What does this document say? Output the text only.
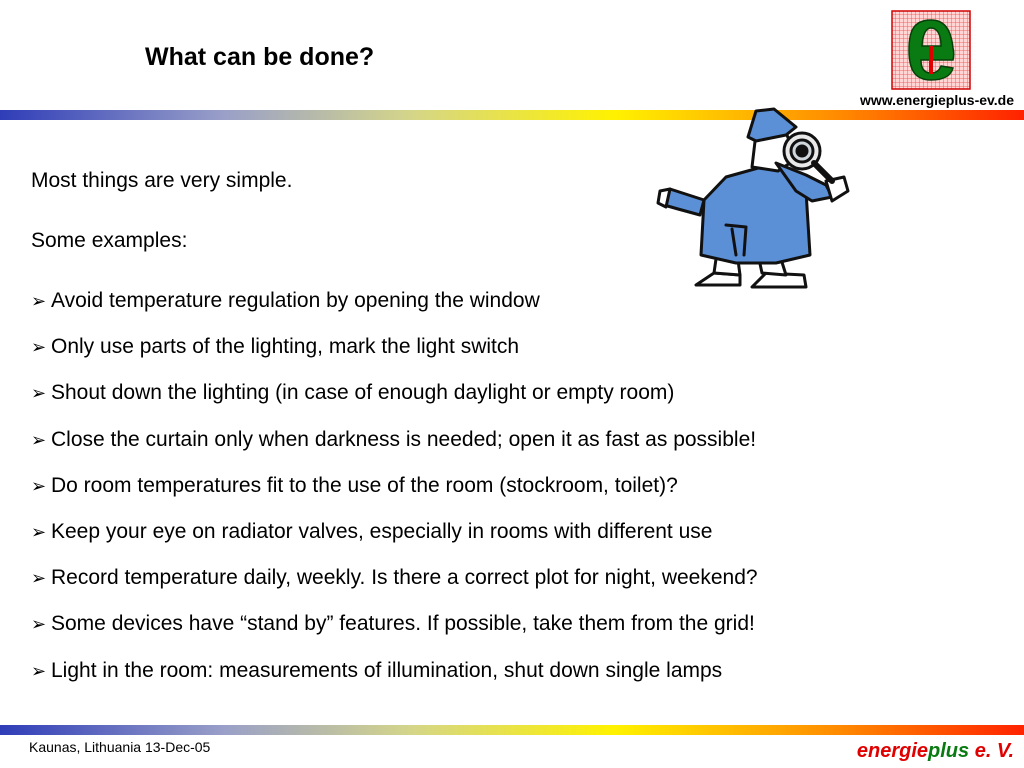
What can be done?
www.energieplus-ev.de

Most things are very simple.

Some examples:

➢ Avoid temperature regulation by opening the window
➢ Only use parts of the lighting, mark the light switch
➢ Shout down the lighting (in case of enough daylight or empty room)
➢ Close the curtain only when darkness is needed; open it as fast as possible!
➢ Do room temperatures fit to the use of the room (stockroom, toilet)?
➢ Keep your eye on radiator valves, especially in rooms with different use
➢ Record temperature daily, weekly. Is there a correct plot for night, weekend?
➢ Some devices have “stand by” features. If possible, take them from the grid!
➢ Light in the room: measurements of illumination, shut down single lamps
Kaunas, Lithuania 13-Dec-05	energieplus e. V.
